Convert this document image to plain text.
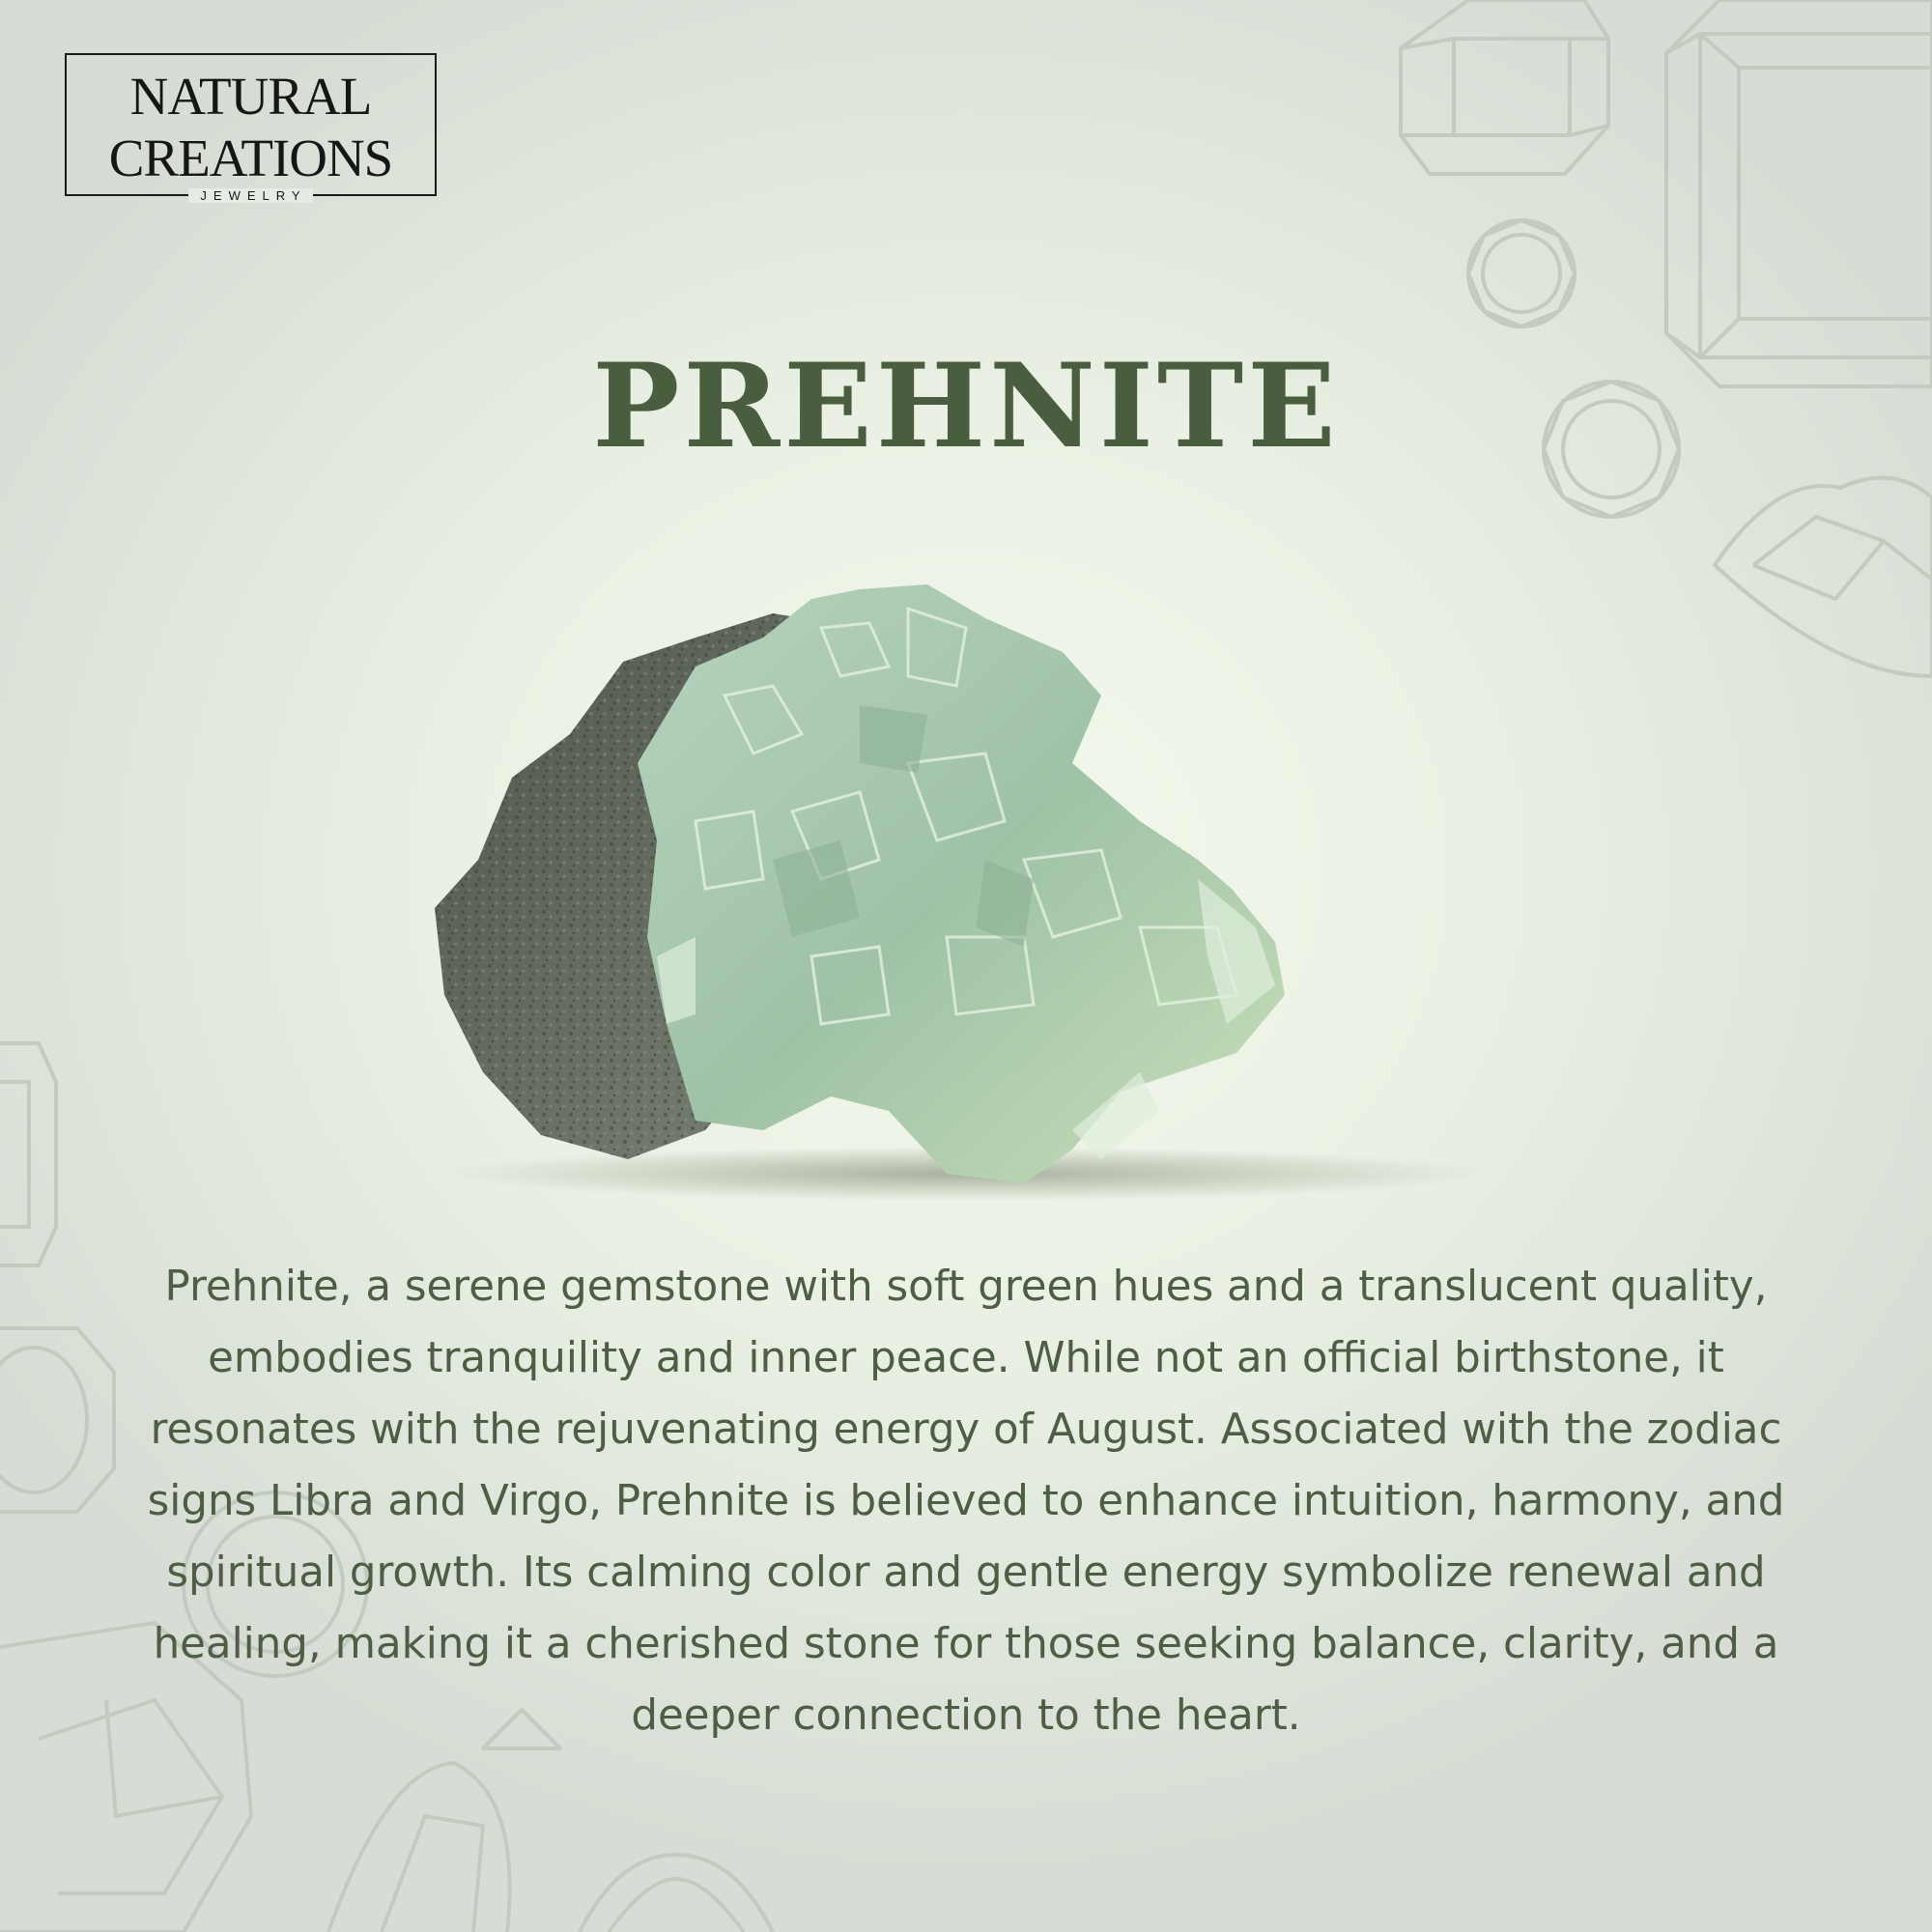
NATURAL
CREATIONS
JEWELRY
PREHNITE

Prehnite, a serene gemstone with soft green hues and a translucent quality, embodies tranquility and inner peace. While not an official birthstone, it resonates with the rejuvenating energy of August. Associated with the zodiac signs Libra and Virgo, Prehnite is believed to enhance intuition, harmony, and spiritual growth. Its calming color and gentle energy symbolize renewal and healing, making it a cherished stone for those seeking balance, clarity, and a deeper connection to the heart.
